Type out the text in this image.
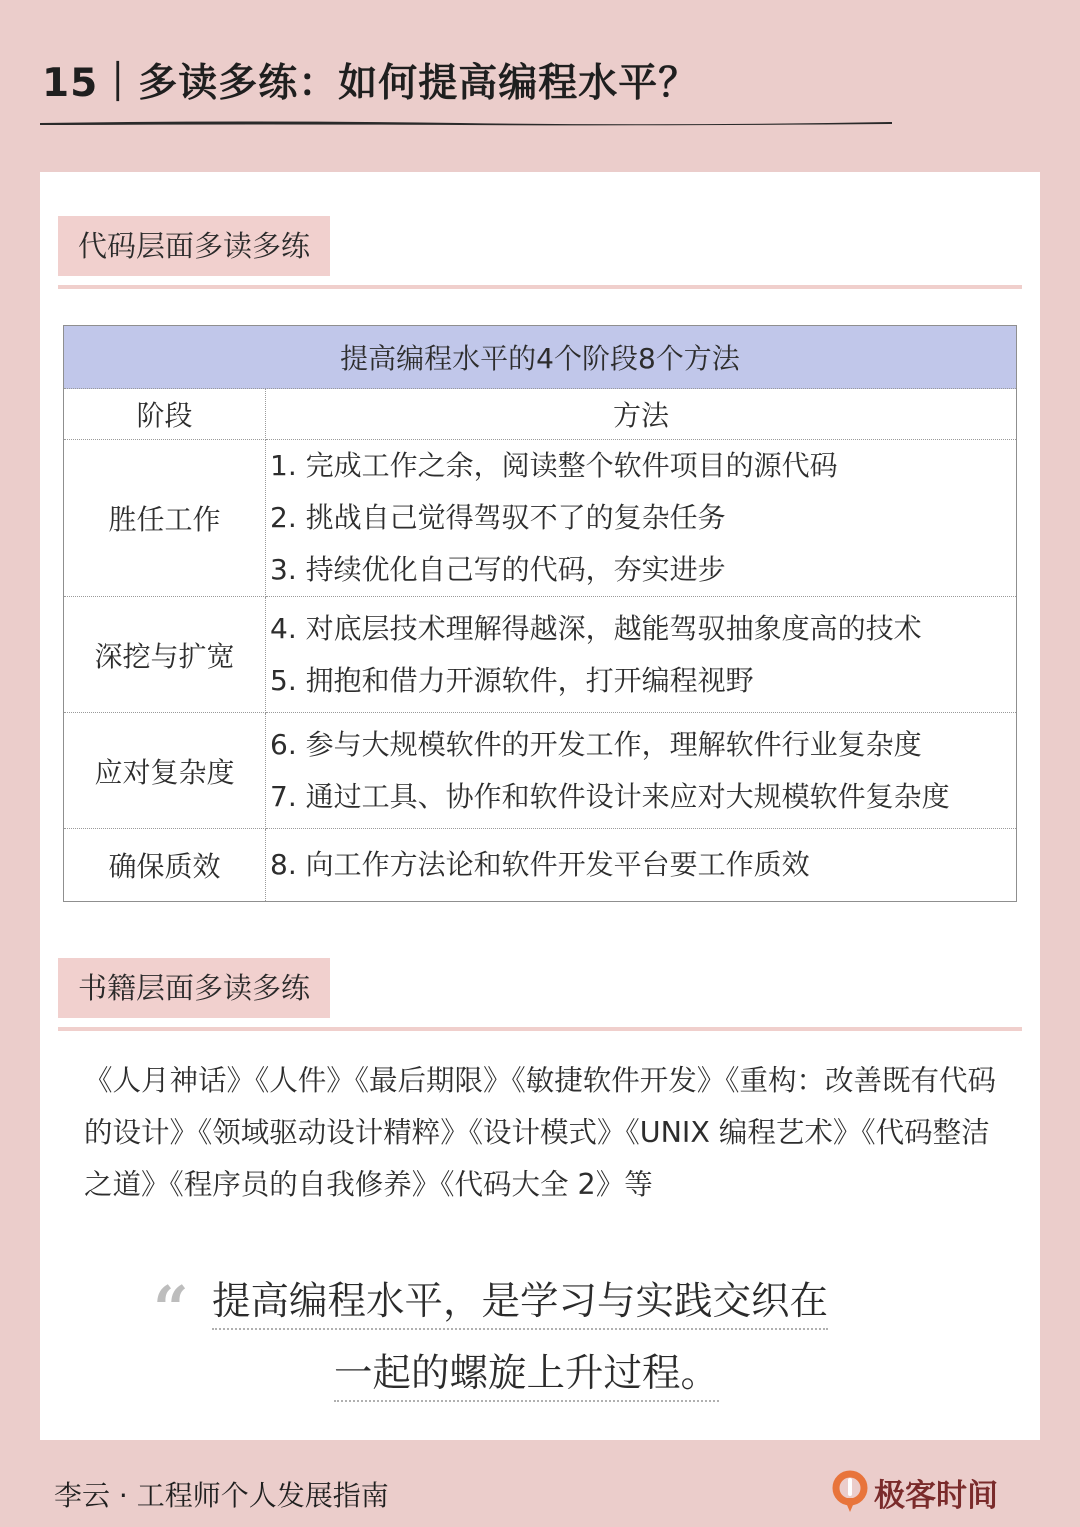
15｜多读多练：如何提高编程水平？
代码层面多读多练
提高编程水平的4个阶段8个方法	
阶段	方法
胜任工作	1. 完成工作之余，阅读整个软件项目的源代码
2. 挑战自己觉得驾驭不了的复杂任务
3. 持续优化自己写的代码，夯实进步

深挖与扩宽	4. 对底层技术理解得越深，越能驾驭抽象度高的技术
5. 拥抱和借力开源软件，打开编程视野

应对复杂度	6. 参与大规模软件的开发工作，理解软件行业复杂度
7. 通过工具、协作和软件设计来应对大规模软件复杂度

确保质效	8. 向工作方法论和软件开发平台要工作质效
书籍层面多读多练
《人月神话》《人件》《最后期限》《敏捷软件开发》《重构：改善既有代码的设计》《领域驱动设计精粹》《设计模式》《UNIX 编程艺术》《代码整洁之道》《程序员的自我修养》《代码大全 2》等
“ 提高编程水平，是学习与实践交织在
一起的螺旋上升过程。
李云 · 工程师个人发展指南	极客时间
